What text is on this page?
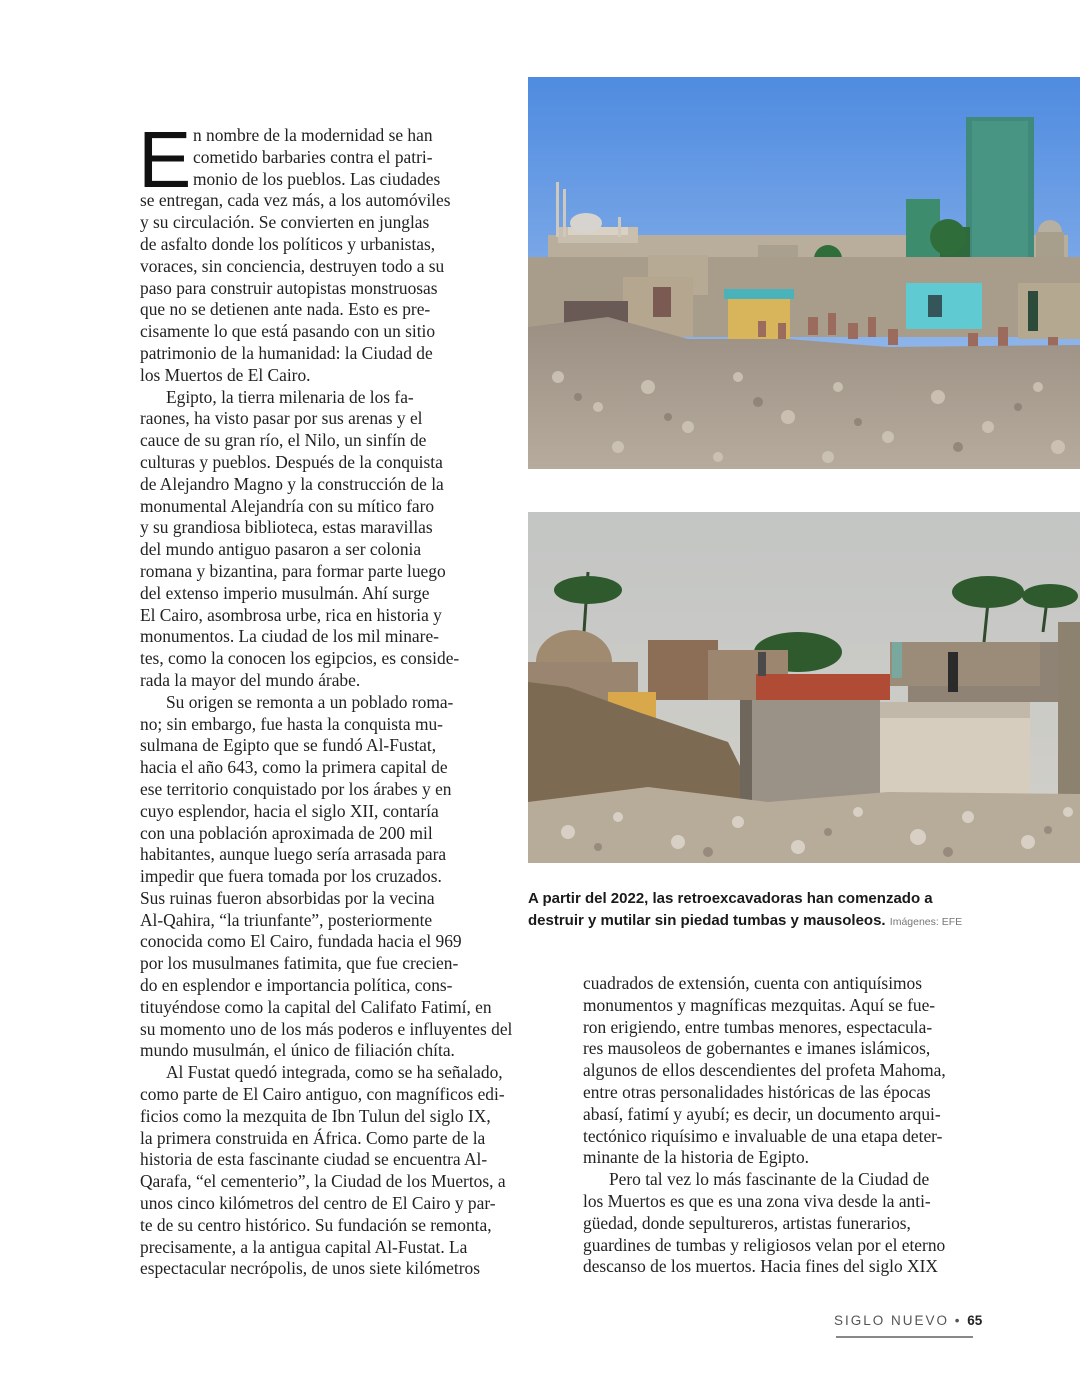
E n nombre de la modernidad se han
cometido barbaries contra el patri-
monio de los pueblos. Las ciudades
se entregan, cada vez más, a los automóviles
y su circulación. Se convierten en junglas
de asfalto donde los políticos y urbanistas,
voraces, sin conciencia, destruyen todo a su
paso para construir autopistas monstruosas
que no se detienen ante nada. Esto es pre-
cisamente lo que está pasando con un sitio
patrimonio de la humanidad: la Ciudad de
los Muertos de El Cairo.

Egipto, la tierra milenaria de los fa-
raones, ha visto pasar por sus arenas y el
cauce de su gran río, el Nilo, un sinfín de
culturas y pueblos. Después de la conquista
de Alejandro Magno y la construcción de la
monumental Alejandría con su mítico faro
y su grandiosa biblioteca, estas maravillas
del mundo antiguo pasaron a ser colonia
romana y bizantina, para formar parte luego
del extenso imperio musulmán. Ahí surge
El Cairo, asombrosa urbe, rica en historia y
monumentos. La ciudad de los mil minare-
tes, como la conocen los egipcios, es conside-
rada la mayor del mundo árabe.

Su origen se remonta a un poblado roma-
no; sin embargo, fue hasta la conquista mu-
sulmana de Egipto que se fundó Al-Fustat,
hacia el año 643, como la primera capital de
ese territorio conquistado por los árabes y en
cuyo esplendor, hacia el siglo XII, contaría
con una población aproximada de 200 mil
habitantes, aunque luego sería arrasada para
impedir que fuera tomada por los cruzados.
Sus ruinas fueron absorbidas por la vecina
Al-Qahira, “la triunfante”, posteriormente
conocida como El Cairo, fundada hacia el 969
por los musulmanes fatimita, que fue crecien-
do en esplendor e importancia política, cons-
tituyéndose como la capital del Califato Fatimí, en
su momento uno de los más poderos e influyentes del
mundo musulmán, el único de filiación chíta.

Al Fustat quedó integrada, como se ha señalado,
como parte de El Cairo antiguo, con magníficos edi-
ficios como la mezquita de Ibn Tulun del siglo IX,
la primera construida en África. Como parte de la
historia de esta fascinante ciudad se encuentra Al-
Qarafa, “el cementerio”, la Ciudad de los Muertos, a
unos cinco kilómetros del centro de El Cairo y par-
te de su centro histórico. Su fundación se remonta,
precisamente, a la antigua capital Al-Fustat. La
espectacular necrópolis, de unos siete kilómetros

cuadrados de extensión, cuenta con antiquísimos
monumentos y magníficas mezquitas. Aquí se fue-
ron erigiendo, entre tumbas menores, espectacula-
res mausoleos de gobernantes e imanes islámicos,
algunos de ellos descendientes del profeta Mahoma,
entre otras personalidades históricas de las épocas
abasí, fatimí y ayubí; es decir, un documento arqui-
tectónico riquísimo e invaluable de una etapa deter-
minante de la historia de Egipto.

Pero tal vez lo más fascinante de la Ciudad de
los Muertos es que es una zona viva desde la anti-
güedad, donde sepultureros, artistas funerarios,
guardines de tumbas y religiosos velan por el eterno
descanso de los muertos. Hacia fines del siglo XIX

A partir del 2022, las retroexcavadoras han comenzado a
destruir y mutilar sin piedad tumbas y mausoleos. Imágenes: EFE
SIGLO NUEVO • 65
